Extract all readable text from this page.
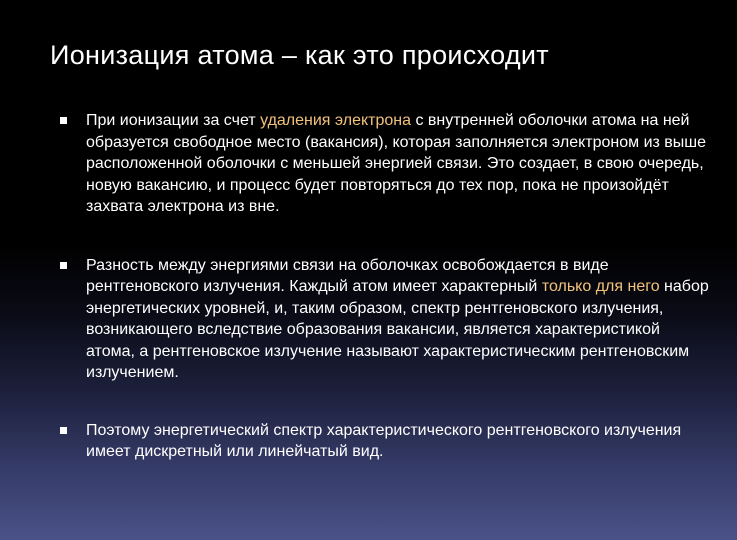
Ионизация атома – как это происходит
При ионизации за счет удаления электрона с внутренней оболочки атома на ней образуется свободное место (вакансия), которая заполняется электроном из выше расположенной оболочки с меньшей энергией связи. Это создает, в свою очередь, новую вакансию, и процесс будет повторяться до тех пор, пока не произойдёт захвата электрона из вне.
Разность между энергиями связи на оболочках освобождается в виде рентгеновского излучения. Каждый атом имеет характерный только для него набор энергетических уровней, и, таким образом, спектр рентгеновского излучения, возникающего вследствие образования вакансии, является характеристикой атома, а рентгеновское излучение называют характеристическим рентгеновским излучением.
Поэтому энергетический спектр характеристического рентгеновского излучения имеет дискретный или линейчатый вид.
